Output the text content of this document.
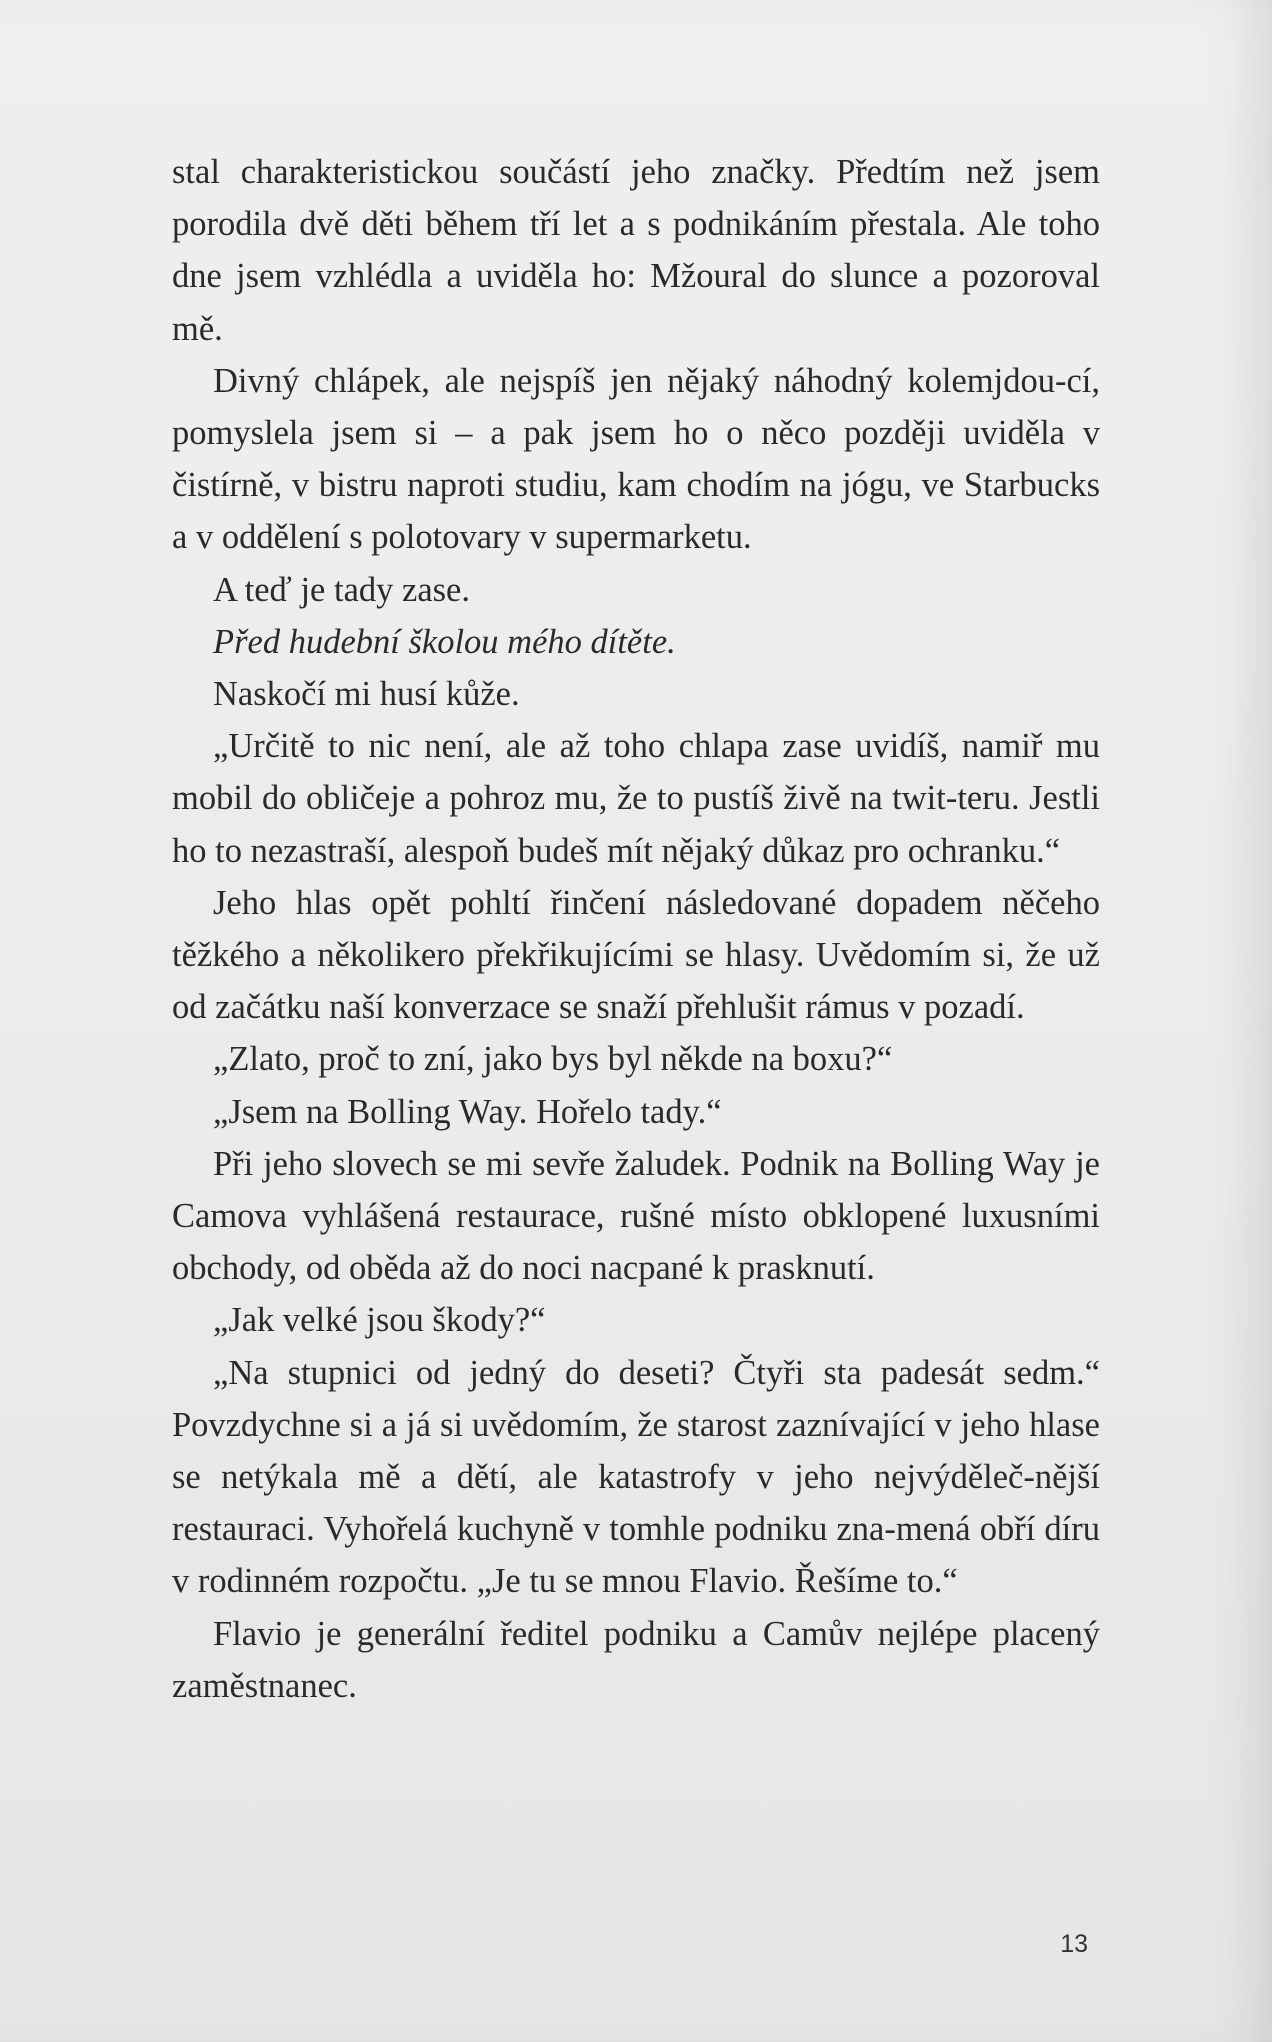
stal charakteristickou součástí jeho značky. Předtím než jsem porodila dvě děti během tří let a s podnikáním přestala. Ale toho dne jsem vzhlédla a uviděla ho: Mžoural do slunce a pozoroval mě.

Divný chlápek, ale nejspíš jen nějaký náhodný kolemjdou-cí, pomyslela jsem si – a pak jsem ho o něco později uviděla v čistírně, v bistru naproti studiu, kam chodím na jógu, ve Starbucks a v oddělení s polotovary v supermarketu.

A teď je tady zase.

Před hudební školou mého dítěte.

Naskočí mi husí kůže.

„Určitě to nic není, ale až toho chlapa zase uvidíš, namiř mu mobil do obličeje a pohroz mu, že to pustíš živě na twit-teru. Jestli ho to nezastraší, alespoň budeš mít nějaký důkaz pro ochranku.“

Jeho hlas opět pohltí řinčení následované dopadem něčeho těžkého a několikero překřikujícími se hlasy. Uvědomím si, že už od začátku naší konverzace se snaží přehlušit rámus v pozadí.

„Zlato, proč to zní, jako bys byl někde na boxu?“

„Jsem na Bolling Way. Hořelo tady.“

Při jeho slovech se mi sevře žaludek. Podnik na Bolling Way je Camova vyhlášená restaurace, rušné místo obklopené luxusními obchody, od oběda až do noci nacpané k prasknutí.

„Jak velké jsou škody?“

„Na stupnici od jedný do deseti? Čtyři sta padesát sedm.“ Povzdychne si a já si uvědomím, že starost zaznívající v jeho hlase se netýkala mě a dětí, ale katastrofy v jeho nejvýděleč-nější restauraci. Vyhořelá kuchyně v tomhle podniku zna-mená obří díru v rodinném rozpočtu. „Je tu se mnou Flavio. Řešíme to.“

Flavio je generální ředitel podniku a Camův nejlépe placený zaměstnanec.

13
